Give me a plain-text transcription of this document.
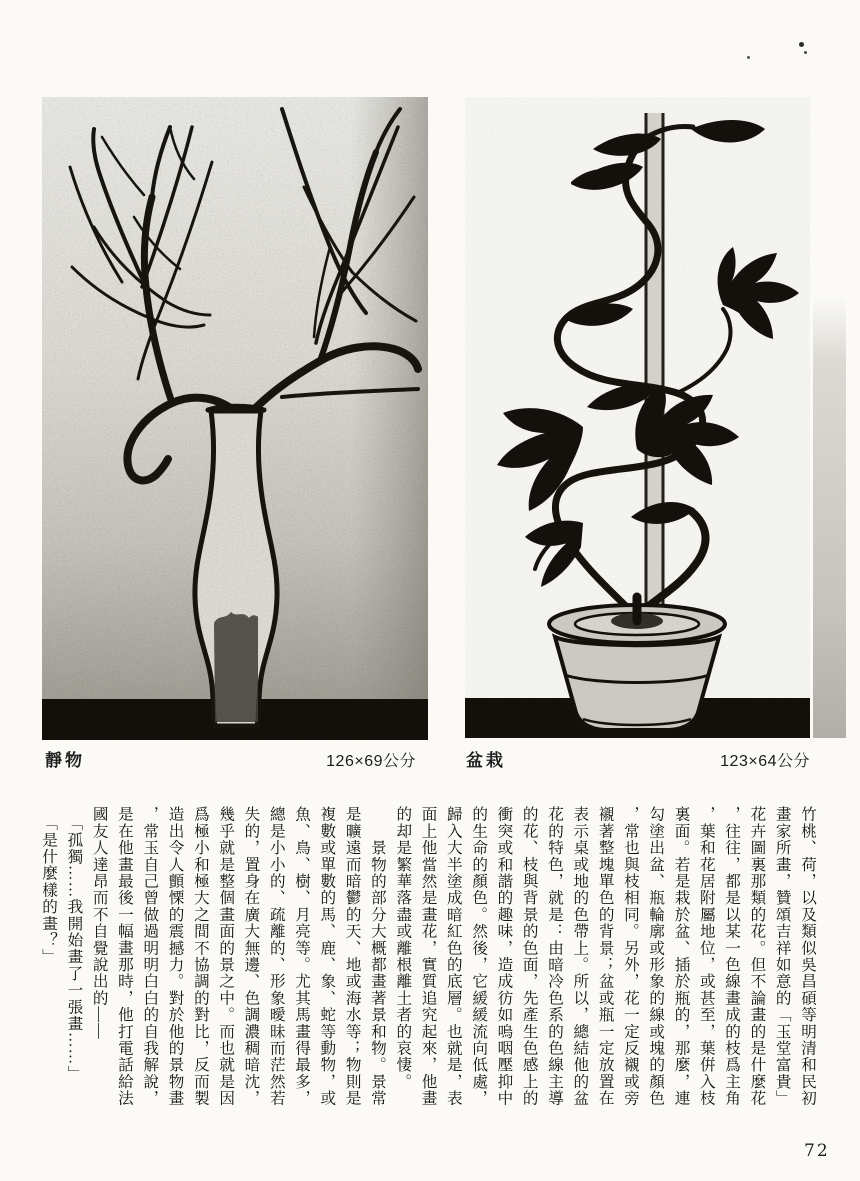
靜物	126×69公分	盆栽	123×64公分
竹桃、荷，以及類似吳昌碩等明清和民初
畫家所畫，贊頌吉祥如意的「玉堂富貴」
花卉圖裏那類的花。但不論畫的是什麼花
，往往，都是以某一色線畫成的枝爲主角
，葉和花居附屬地位，或甚至，葉倂入枝
裏面。若是栽於盆、插於瓶的，那麼，連
勾塗出盆、瓶輪廓或形象的線或塊的顏色
，常也與枝相同。另外，花一定反襯或旁
襯著整塊單色的背景；盆或瓶一定放置在
表示桌或地的色帶上。所以，總結他的盆
花的特色，就是：由暗冷色系的色線主導
的花、枝與背景的色面，先產生色感上的
衝突或和諧的趣味，造成彷如嗚咽壓抑中
的生命的顏色。然後，它緩緩流向低處，
歸入大半塗成暗紅色的底層。也就是，表
面上他當然是畫花，實質追究起來，他畫
的却是繁華落盡或離根離土者的哀悽。
　　景物的部分大概都畫著景和物。景常
是曠遠而暗鬱的天、地或海水等；物則是
複數或單數的馬、鹿、象、蛇等動物，或
魚、鳥、樹、月亮等。尤其馬畫得最多，
總是小小的、疏離的、形象曖昧而茫然若
失的，置身在廣大無邊、色調濃稠暗沈，
幾乎就是整個畫面的景之中。而也就是因
爲極小和極大之間不協調的對比，反而製
造出令人顫慄的震撼力。對於他的景物畫
，常玉自己曾做過明明白白的自我解說，
是在他畫最後一幅畫那時，他打電話給法
國友人達昂而不自覺說出的——
　「孤獨……我開始畫了一張畫……」
　「是什麼樣的畫？」
72
